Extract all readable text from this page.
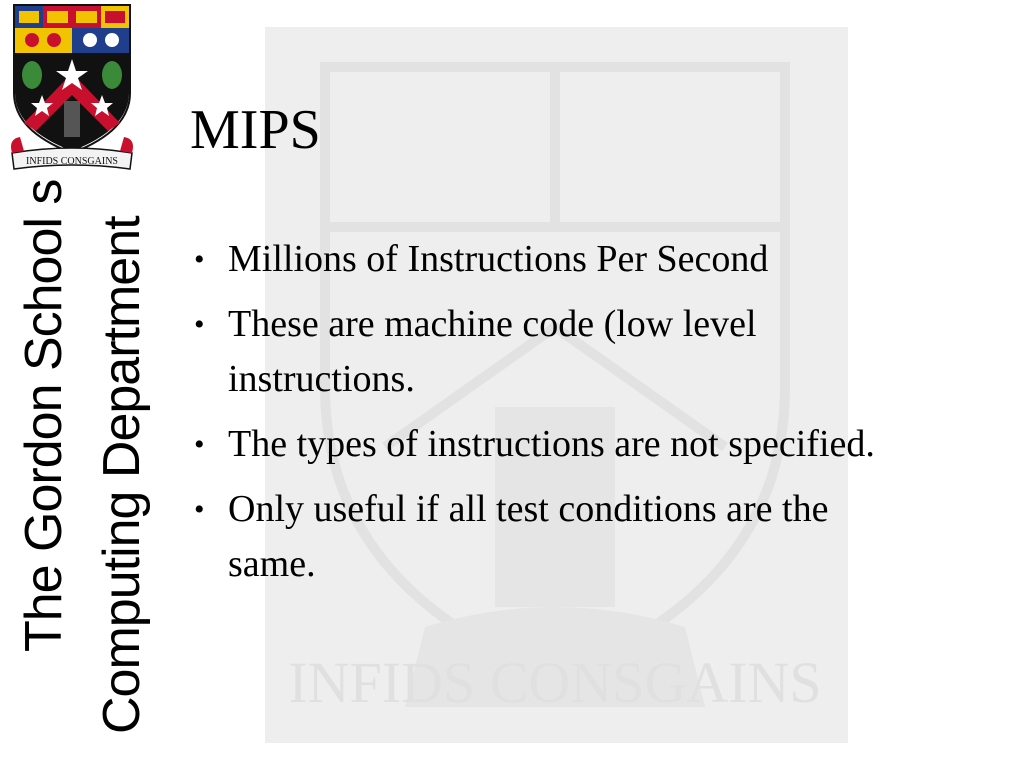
INFIDS CONSGAINS
INFIDS CONSGAINS
The Gordon School s Computing Department
MIPS
• Millions of Instructions Per Second
• These are machine code (low level instructions.
• The types of instructions are not specified.
• Only useful if all test conditions are the same.
